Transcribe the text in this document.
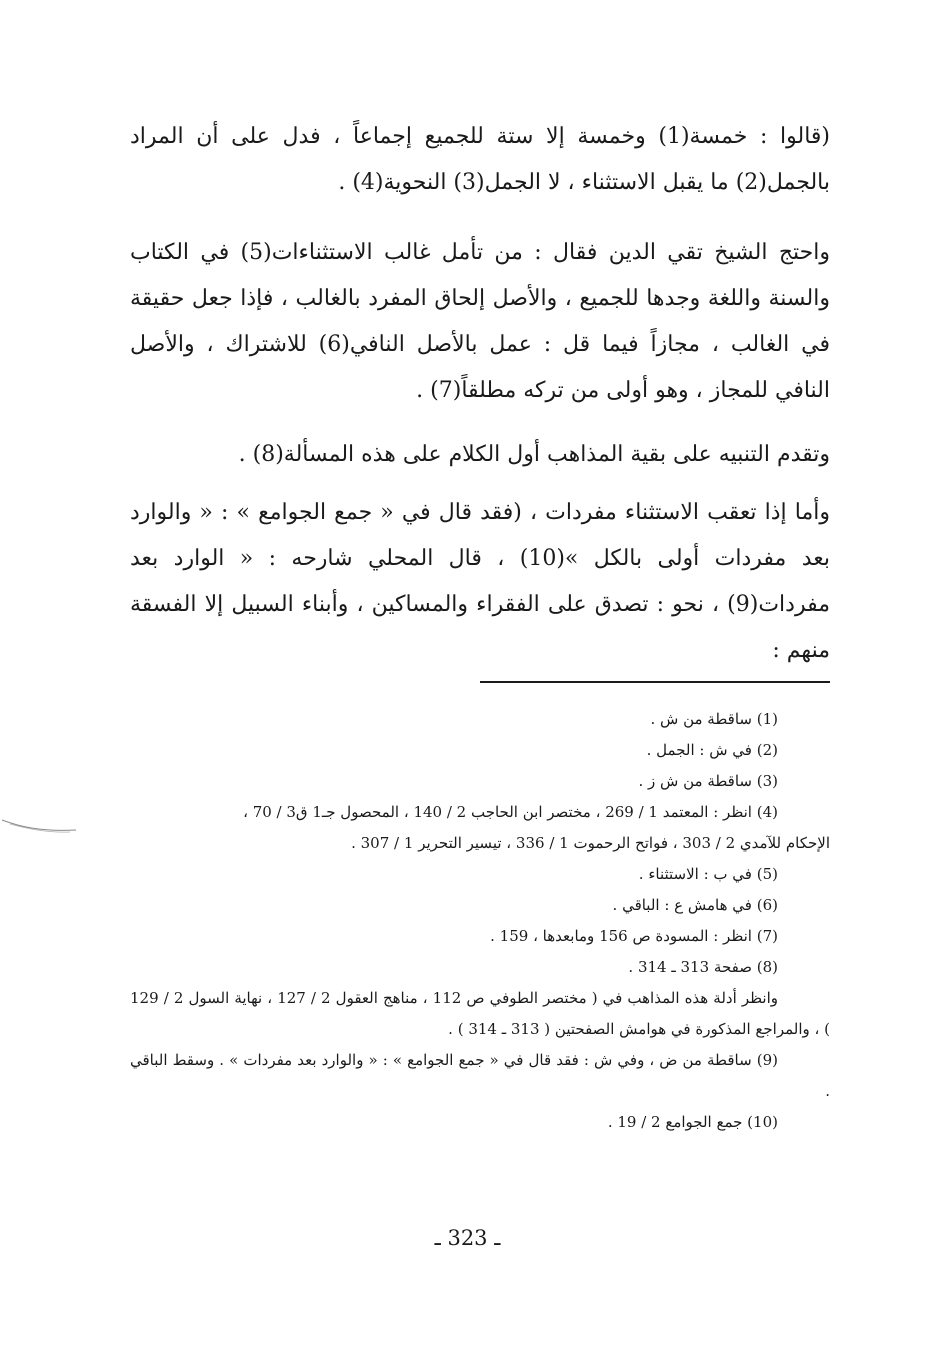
(قالوا : خمسة(1) وخمسة إلا ستة للجميع إجماعاً ، فدل على أن المراد بالجمل(2) ما يقبل الاستثناء ، لا الجمل(3) النحوية(4) .

واحتج الشيخ تقي الدين فقال : من تأمل غالب الاستثناءات(5) في الكتاب والسنة واللغة وجدها للجميع ، والأصل إلحاق المفرد بالغالب ، فإذا جعل حقيقة في الغالب ، مجازاً فيما قل : عمل بالأصل النافي(6) للاشتراك ، والأصل النافي للمجاز ، وهو أولى من تركه مطلقاً(7) .

وتقدم التنبيه على بقية المذاهب أول الكلام على هذه المسألة(8) .

وأما إذا تعقب الاستثناء مفردات ، (فقد قال في « جمع الجوامع » : « والوارد بعد مفردات أولى بالكل »(10) ، قال المحلي شارحه : « الوارد بعد مفردات(9) ، نحو : تصدق على الفقراء والمساكين ، وأبناء السبيل إلا الفسقة منهم :

(1) ساقطة من ش .

(2) في ش : الجمل .

(3) ساقطة من ش ز .

(4) انظر : المعتمد 1 / 269 ، مختصر ابن الحاجب 2 / 140 ، المحصول جـ1 ق3 / 70 ،

الإحكام للآمدي 2 / 303 ، فواتح الرحموت 1 / 336 ، تيسير التحرير 1 / 307 .

(5) في ب : الاستثناء .

(6) في هامش ع : الباقي .

(7) انظر : المسودة ص 156 ومابعدها ، 159 .

(8) صفحة 313 ـ 314 .

وانظر أدلة هذه المذاهب في ( مختصر الطوفي ص 112 ، مناهج العقول 2 / 127 ، نهاية السول 2 / 129 ) ، والمراجع المذكورة في هوامش الصفحتين ( 313 ـ 314 ) .

(9) ساقطة من ض ، وفي ش : فقد قال في « جمع الجوامع » : « والوارد بعد مفردات » . وسقط الباقي .

(10) جمع الجوامع 2 / 19 .

ـ 323 ـ
